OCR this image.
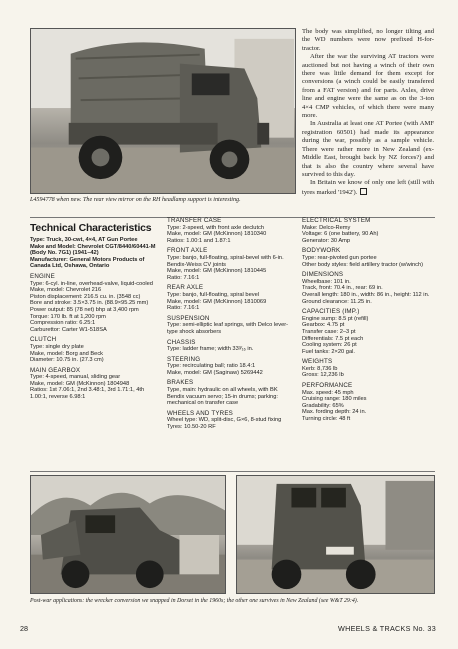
L4594778 when new. The rear view mirror on the RH headlamp support is interesting.

The body was simplified, no longer tilting and the WD numbers were now prefixed H-for-tractor.

After the war the surviving AT tractors were auctioned but not having a winch of their own there was little demand for them except for conversions (a winch could be easily transfered from a FAT version) and for parts. Axles, drive line and engine were the same as on the 3-ton 4×4 CMP vehicles, of which there were many more.

In Australia at least one AT Portee (with AMF registration 60501) had made its appearance during the war, possibly as a sample vehicle. There were rather more in New Zealand (ex-Middle East, brought back by NZ forces?) and that is also the country where several have survived to this day.

In Britain we know of only one left (still with tyres marked '1942').

Technical Characteristics
Type: Truck, 30-cwt, 4×4, AT Gun Portee
Make and Model: Chevrolet CGT/8440/60441-M (Body No. 7G1) (1941–42)
Manufacturer: General Motors Products of Canada Ltd, Oshawa, Ontario
ENGINE
Type: 6-cyl. in-line, overhead-valve, liquid-cooled
Make, model: Chevrolet 216
Piston displacement: 216.5 cu. in. (3548 cc)
Bore and stroke: 3.5×3.75 in. (88.9×95.25 mm)
Power output: 85 (78 net) bhp at 3,400 rpm
Torque: 170 lb. ft at 1,200 rpm
Compression ratio: 6.25:1
Carburettor: Carter W1-518SA
CLUTCH
Type: single dry plate
Make, model: Borg and Beck
Diameter: 10.75 in. (27.3 cm)
MAIN GEARBOX
Type: 4-speed, manual, sliding gear
Make, model: GM (McKinnon) 1804948
Ratios: 1st 7.06:1, 2nd 3.48:1, 3rd 1.71:1, 4th 1.00:1, reverse 6.98:1
TRANSFER CASE
Type: 2-speed, with front axle declutch
Make, model: GM (McKinnon) 1810340
Ratios: 1.00:1 and 1.87:1
FRONT AXLE
Type: banjo, full-floating, spiral-bevel with 6-in. Bendix-Weiss CV joints
Make, model: GM (McKinnon) 1810445
Ratio: 7.16:1
REAR AXLE
Type: banjo, full-floating, spiral bevel
Make, model: GM (McKinnon) 1810069
Ratio: 7.16:1
SUSPENSION
Type: semi-elliptic leaf springs, with Delco lever-type shock absorbers
CHASSIS
Type: ladder frame; width 33³⁄₁₆ in.
STEERING
Type: recirculating ball; ratio 18.4:1
Make, model: GM (Saginaw) 5269442
BRAKES
Type, main: hydraulic on all wheels, with BK Bendix vacuum servo; 15-in drums; parking: mechanical on transfer case
WHEELS AND TYRES
Wheel type: WD, split-disc, G×6, 8-stud fixing
Tyres: 10.50-20 RF
ELECTRICAL SYSTEM
Make: Delco-Remy
Voltage: 6 (one battery, 90 Ah)
Generator: 30 Amp
BODYWORK
Type: rear-pivoted gun portee
Other body styles: field artillery tractor (w/winch)
DIMENSIONS
Wheelbase: 101 in.
Track, front: 70.4 in., rear: 69 in.
Overall length: 180 in., width: 86 in., height: 112 in.
Ground clearance: 11.25 in.
CAPACITIES (IMP.)
Engine sump: 8.5 pt (refill)
Gearbox: 4.75 pt
Transfer case: 2–3 pt
Differentials: 7.5 pt each
Cooling system: 26 pt
Fuel tanks: 2×20 gal.
WEIGHTS
Kerb: 8,736 lb
Gross: 12,236 lb
PERFORMANCE
Max. speed: 45 mph
Cruising range: 180 miles
Gradability: 65%
Max. fording depth: 24 in.
Turning circle: 48 ft
Post-war applications: the wrecker conversion we snapped in Dorset in the 1960s; the other one survives in New Zealand (see W&T 29:4).
28	WHEELS & TRACKS No. 33
